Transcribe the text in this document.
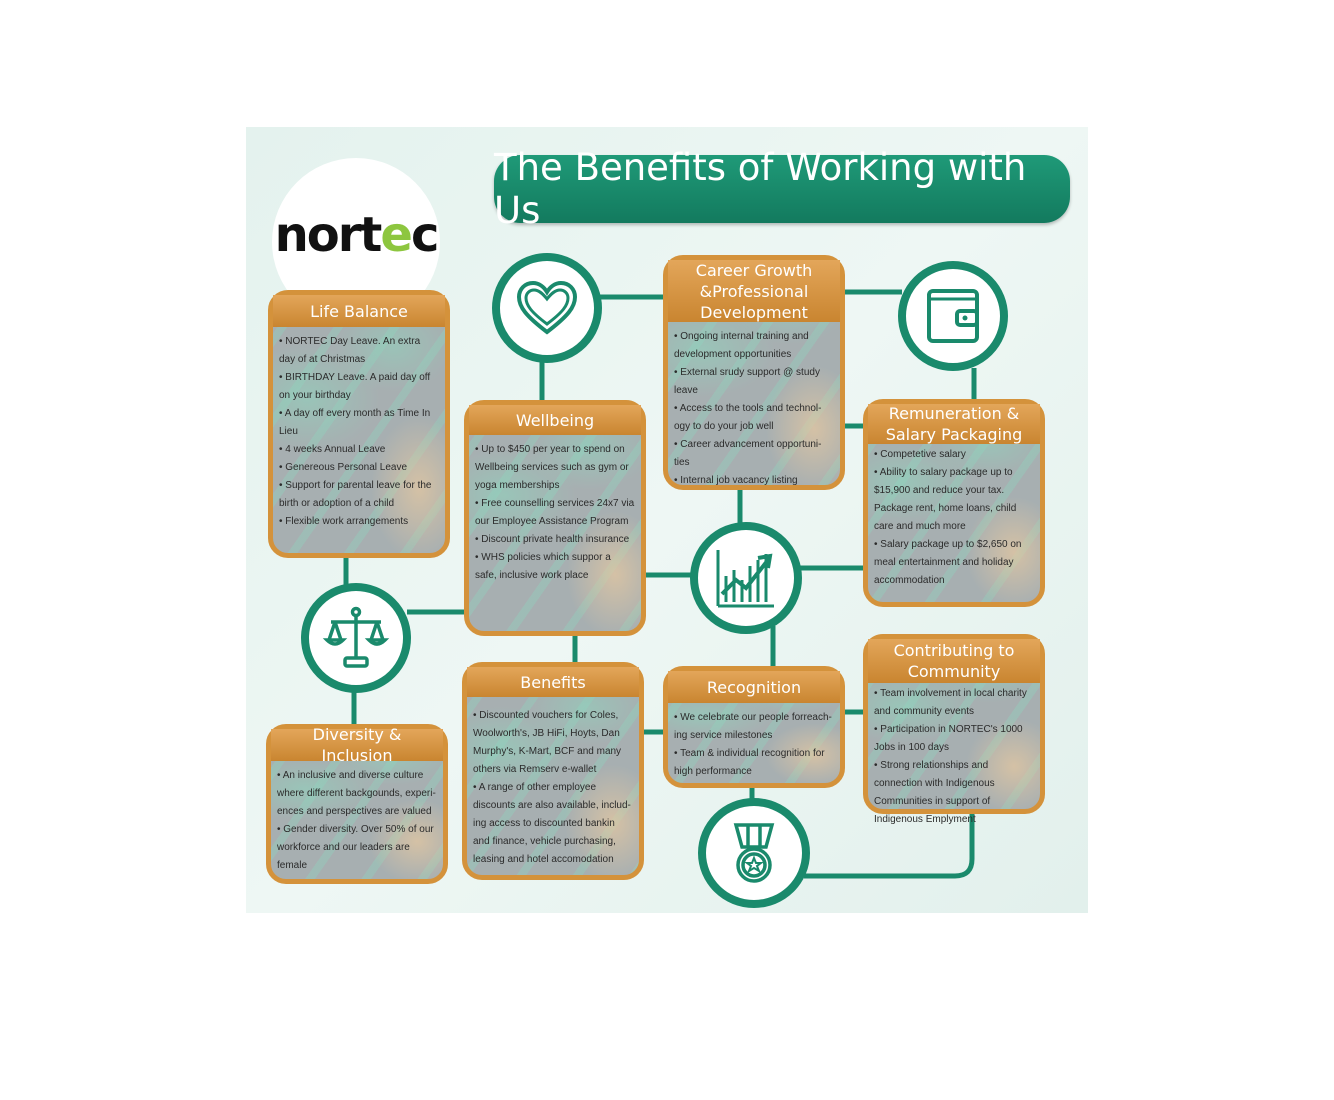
nortec
The Benefits of Working with Us
Life Balance

• NORTEC Day Leave. An extra day of at Christmas

• BIRTHDAY Leave. A paid day off on your birthday

• A day off every month as Time In Lieu

• 4 weeks Annual Leave

• Genereous Personal Leave

• Support for parental leave for the birth or adoption of a child

• Flexible work arrangements

Wellbeing

• Up to $450 per year to spend on Wellbeing services such as gym or yoga memberships

• Free counselling services 24x7 via our Employee Assistance Program

• Discount private health insurance

• WHS policies which suppor a safe, inclusive work place

Career Growth &Professional Development

• Ongoing internal training and development opportunities

• External srudy support @ study leave

• Access to the tools and technol-ogy to do your job well

• Career advancement opportuni-ties

• Internal job vacancy listing

Remuneration & Salary Packaging

• Competetive salary

• Ability to salary package up to $15,900 and reduce your tax. Package rent, home loans, child care and much more

• Salary package up to $2,650 on meal entertainment and holiday accommodation

Diversity & Inclusion

• An inclusive and diverse culture where different backgounds, experi-ences and perspectives are valued

• Gender diversity. Over 50% of our workforce and our leaders are female

Benefits

• Discounted vouchers for Coles, Woolworth's, JB HiFi, Hoyts, Dan Murphy's, K-Mart, BCF and many others via Remserv e-wallet

• A range of other employee discounts are also available, includ-ing access to discounted bankin and finance, vehicle purchasing, leasing and hotel accomodation

Recognition

• We celebrate our people forreach-ing service milestones

• Team & individual recognition for high performance

Contributing to Community

• Team involvement in local charity and community events

• Participation in NORTEC's 1000 Jobs in 100 days

• Strong relationships and connection with Indigenous Communities in support of Indigenous Emplyment
